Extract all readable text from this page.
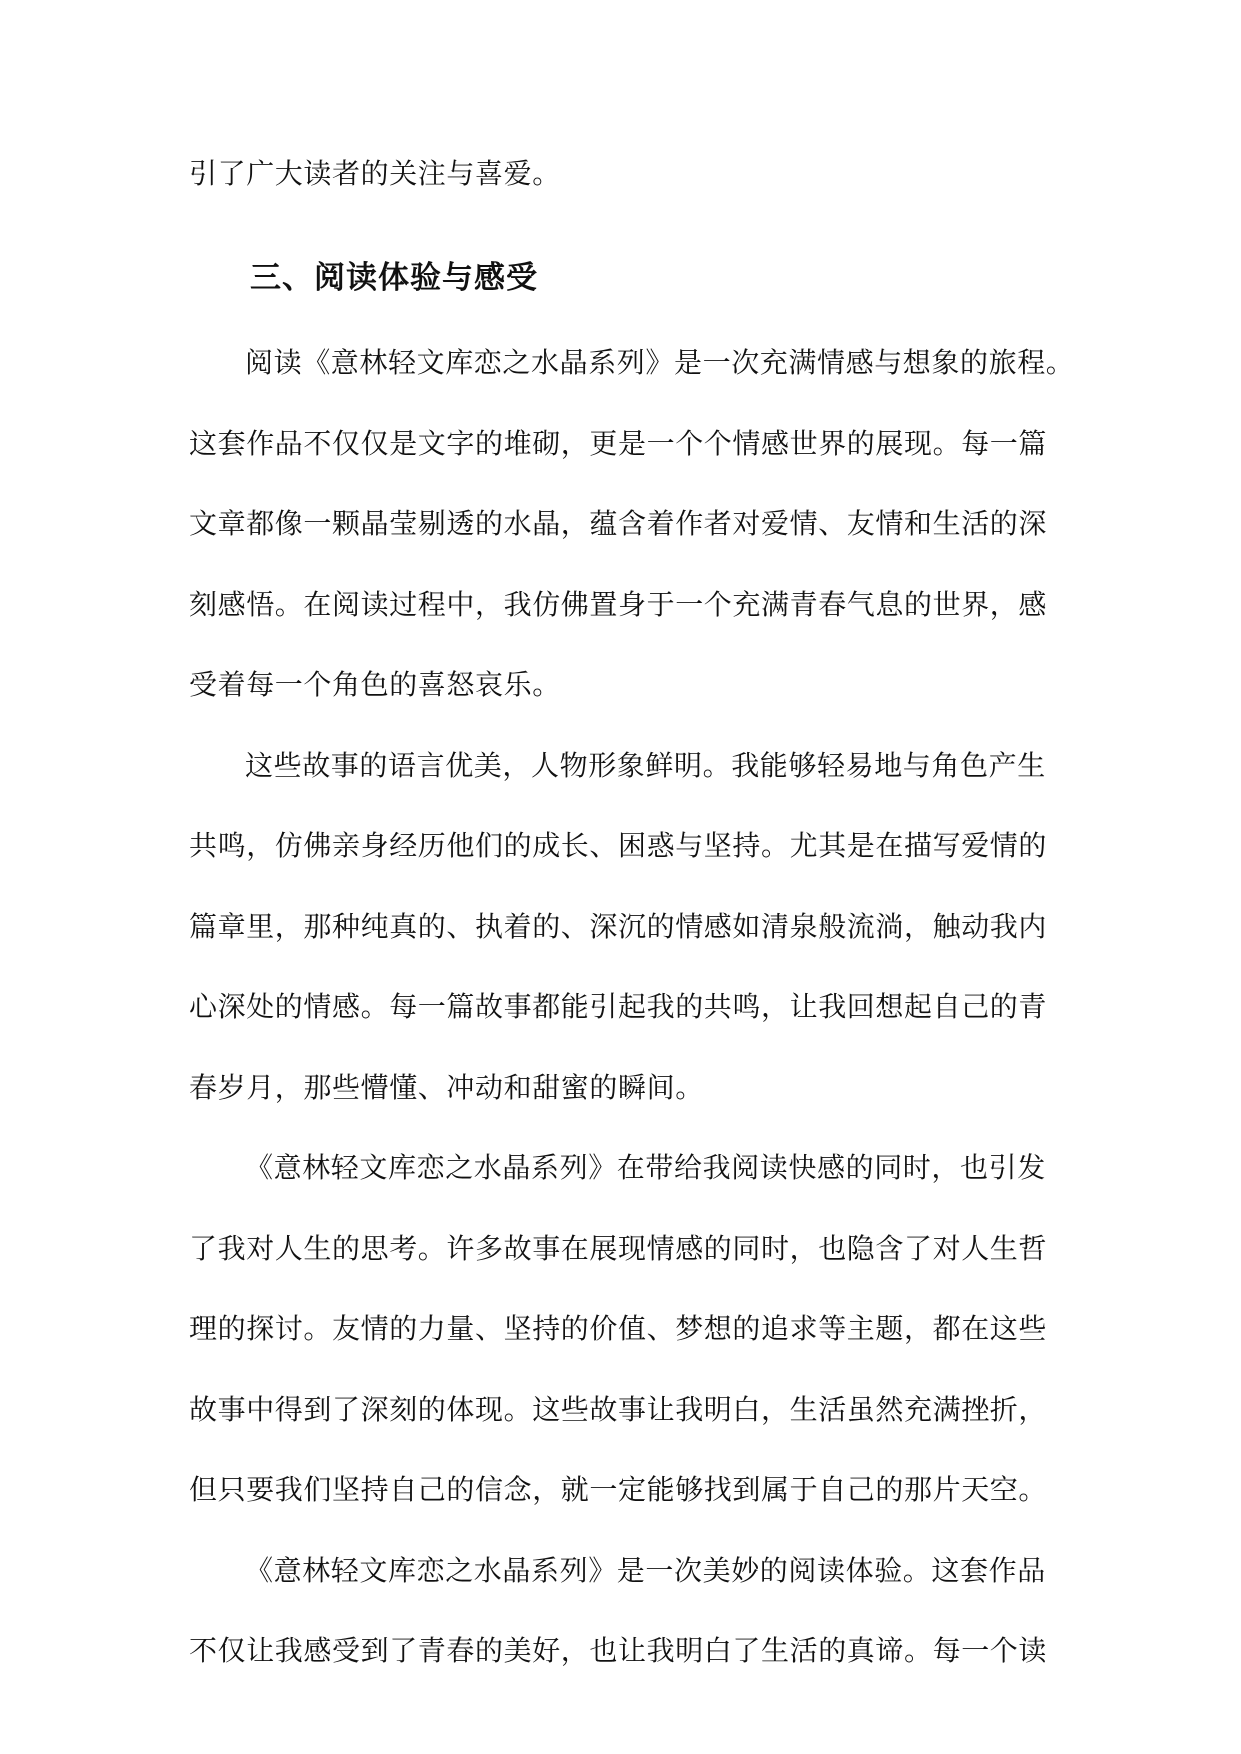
引了广大读者的关注与喜爱。
三、阅读体验与感受
阅读《意林轻文库恋之水晶系列》是一次充满情感与想象的旅程。
这套作品不仅仅是文字的堆砌，更是一个个情感世界的展现。每一篇
文章都像一颗晶莹剔透的水晶，蕴含着作者对爱情、友情和生活的深
刻感悟。在阅读过程中，我仿佛置身于一个充满青春气息的世界，感
受着每一个角色的喜怒哀乐。
这些故事的语言优美，人物形象鲜明。我能够轻易地与角色产生
共鸣，仿佛亲身经历他们的成长、困惑与坚持。尤其是在描写爱情的
篇章里，那种纯真的、执着的、深沉的情感如清泉般流淌，触动我内
心深处的情感。每一篇故事都能引起我的共鸣，让我回想起自己的青
春岁月，那些懵懂、冲动和甜蜜的瞬间。
《意林轻文库恋之水晶系列》在带给我阅读快感的同时，也引发
了我对人生的思考。许多故事在展现情感的同时，也隐含了对人生哲
理的探讨。友情的力量、坚持的价值、梦想的追求等主题，都在这些
故事中得到了深刻的体现。这些故事让我明白，生活虽然充满挫折，
但只要我们坚持自己的信念，就一定能够找到属于自己的那片天空。
《意林轻文库恋之水晶系列》是一次美妙的阅读体验。这套作品
不仅让我感受到了青春的美好，也让我明白了生活的真谛。每一个读
